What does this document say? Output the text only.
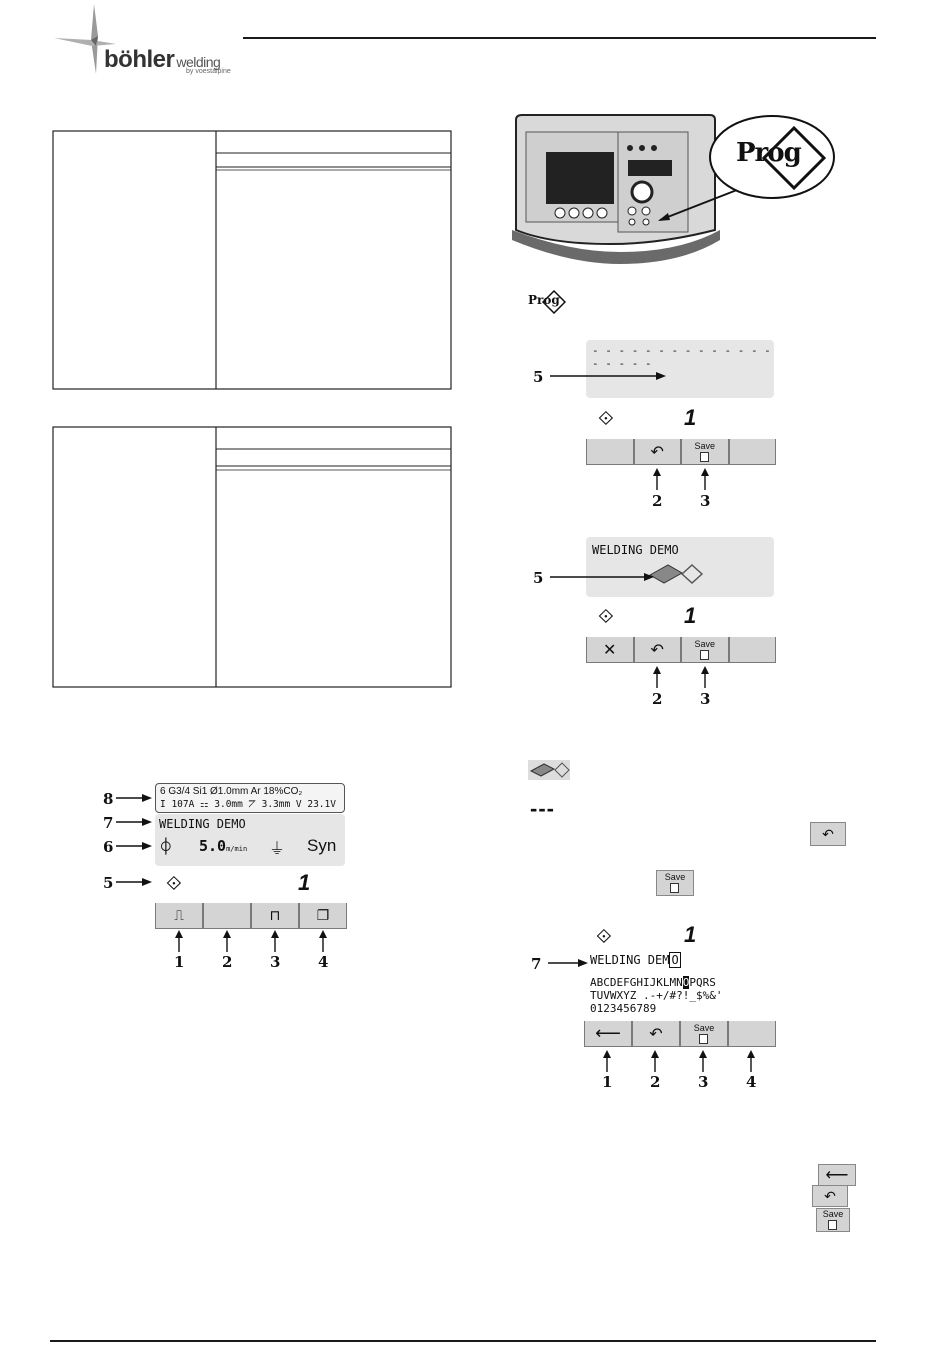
böhler welding
by voestalpine
Prog
Prog
- - - - - - - - - - - - - - - - - - -
5
⟐	1
↶	Save
2	3
WELDING DEMO
5
⟐	1
✕ ↶	Save
2	3
---
↶
Save
⟐	1
WELDING DEM O
7
ABCDEFGHIJKLMNOPQRS
TUVWXYZ .-+/#?!_$%&'
0123456789
⟵ ↶	Save
1	2	3	4
⟵
↶
Save
6 G3/4 Si1 Ø1.0mm Ar 18%CO₂
I 107A ⚏ 3.0mm ⦢ 3.3mm V 23.1V
WELDING DEMO
⌽ 5.0m/min ⏚ Syn
⟐	1
⎍	⊓	❐
8
7
6
5
1	2	3	4
